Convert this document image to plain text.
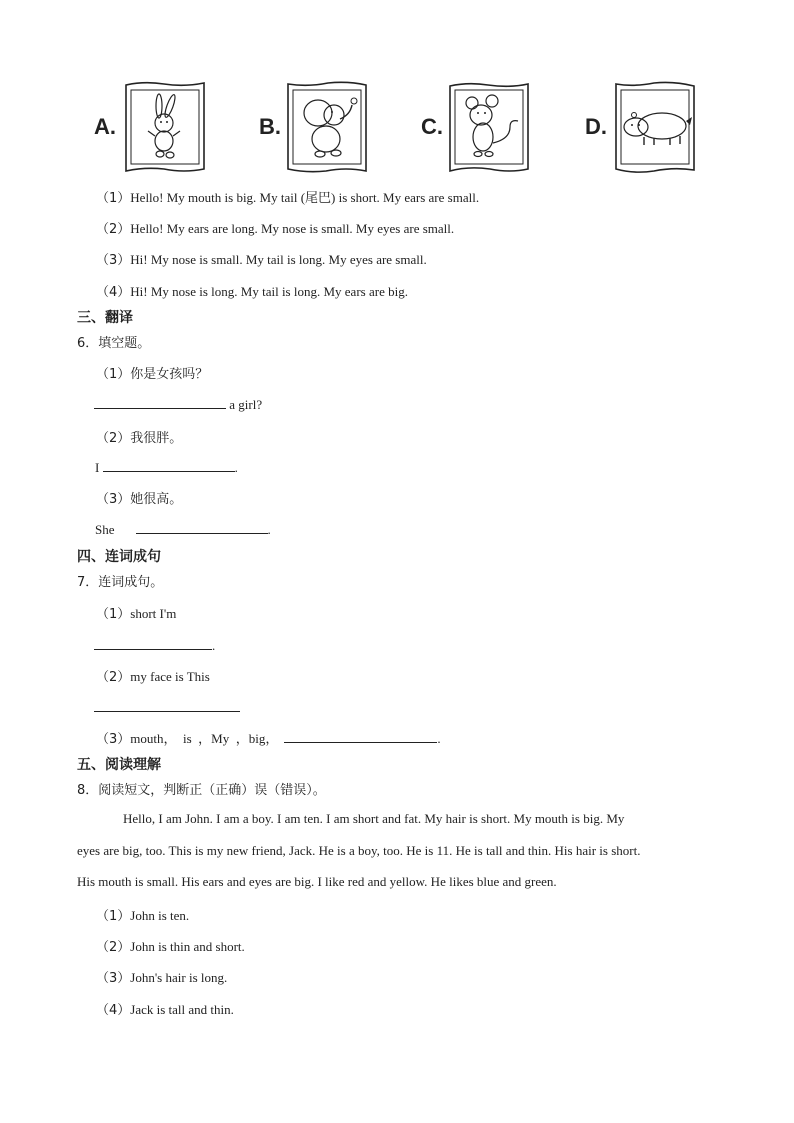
A.	B.	C.	D.
（1）Hello! My mouth is big. My tail (尾巴) is short. My ears are small.
（2）Hello! My ears are long. My nose is small. My eyes are small.
（3）Hi! My nose is small. My tail is long. My eyes are small.
（4）Hi! My nose is long. My tail is long. My ears are big.
三、翻译
6．填空题。
（1）你是女孩吗？
a girl?
（2）我很胖。
I	.
（3）她很高。
She	.
四、连词成句
7．连词成句。
（1）short I'm
.
（2）my face is This
（3）mouth，  is  ，My  ，big，	.
五、阅读理解
8．阅读短文，判断正（正确）误（错误）。
Hello, I am John. I am a boy. I am ten. I am short and fat. My hair is short. My mouth is big. My
eyes are big, too. This is my new friend, Jack. He is a boy, too. He is 11. He is tall and thin. His hair is short.
His mouth is small. His ears and eyes are big. I like red and yellow. He likes blue and green.
（1）John is ten.
（2）John is thin and short.
（3）John's hair is long.
（4）Jack is tall and thin.
